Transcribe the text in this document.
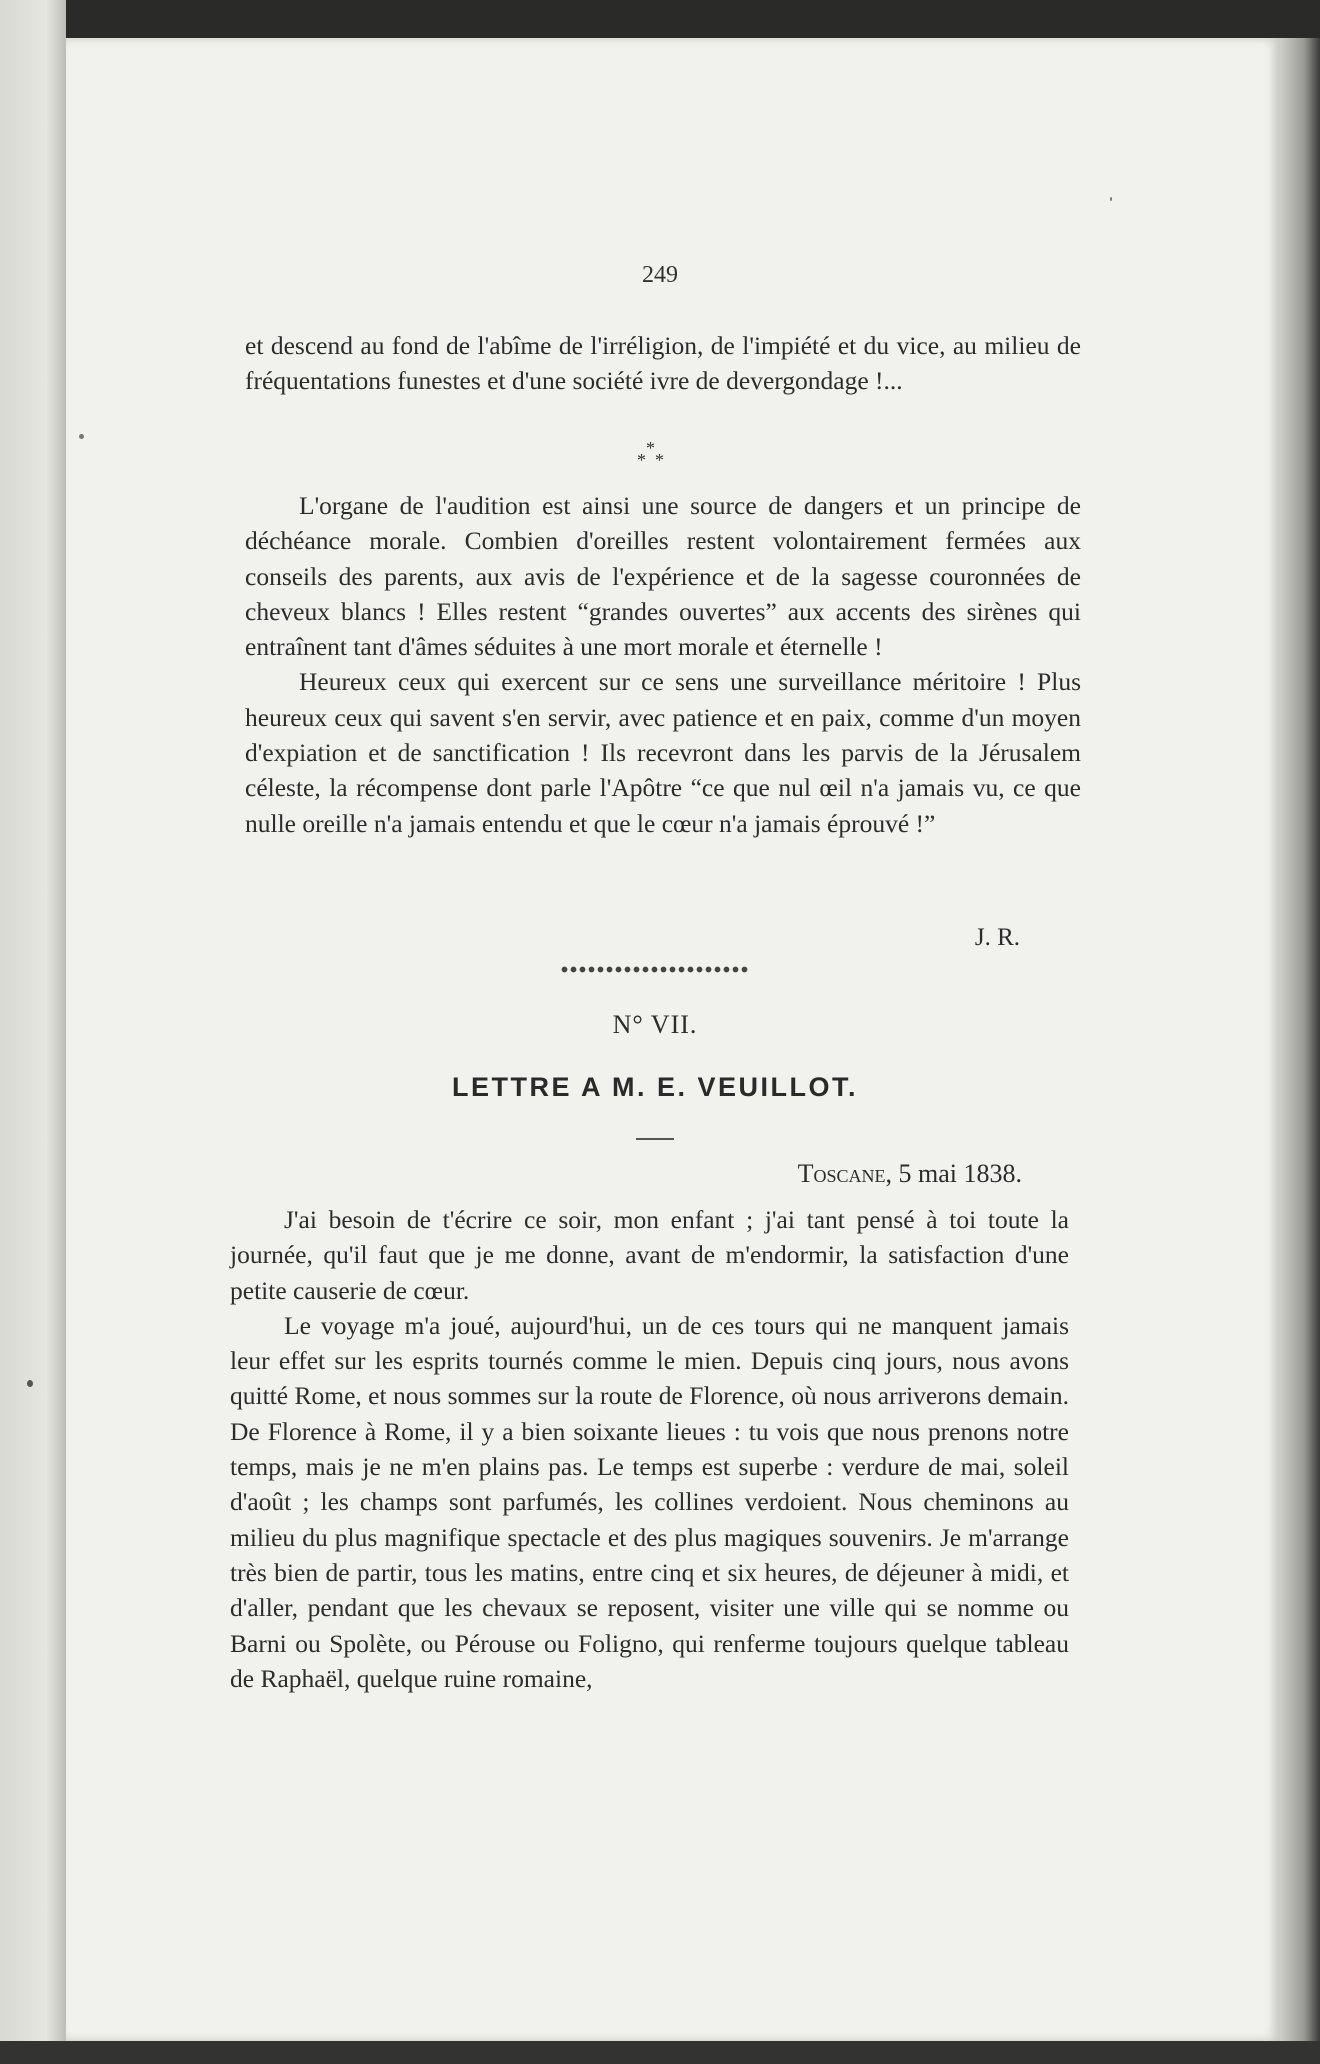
249

et descend au fond de l'abîme de l'irréligion, de l'impiété et du vice, au milieu de fréquentations funestes et d'une société ivre de devergondage !...

*
* *

L'organe de l'audition est ainsi une source de dangers et un principe de déchéance morale. Combien d'oreilles restent volontairement fermées aux conseils des parents, aux avis de l'expérience et de la sagesse couronnées de cheveux blancs ! Elles restent “grandes ouvertes” aux accents des sirènes qui entraînent tant d'âmes séduites à une mort morale et éternelle !

Heureux ceux qui exercent sur ce sens une surveillance méritoire ! Plus heureux ceux qui savent s'en servir, avec patience et en paix, comme d'un moyen d'expiation et de sanctification ! Ils recevront dans les parvis de la Jérusalem céleste, la récompense dont parle l'Apôtre “ce que nul œil n'a jamais vu, ce que nulle oreille n'a jamais entendu et que le cœur n'a jamais éprouvé !”

J. R.
N° VII.
LETTRE A M. E. VEUILLOT.
Toscane, 5 mai 1838.

J'ai besoin de t'écrire ce soir, mon enfant ; j'ai tant pensé à toi toute la journée, qu'il faut que je me donne, avant de m'endormir, la satisfaction d'une petite causerie de cœur.

Le voyage m'a joué, aujourd'hui, un de ces tours qui ne manquent jamais leur effet sur les esprits tournés comme le mien. Depuis cinq jours, nous avons quitté Rome, et nous sommes sur la route de Florence, où nous arriverons demain. De Florence à Rome, il y a bien soixante lieues : tu vois que nous prenons notre temps, mais je ne m'en plains pas. Le temps est superbe : verdure de mai, soleil d'août ; les champs sont parfumés, les collines verdoient. Nous cheminons au milieu du plus magnifique spectacle et des plus magiques souvenirs. Je m'arrange très bien de partir, tous les matins, entre cinq et six heures, de déjeuner à midi, et d'aller, pendant que les chevaux se reposent, visiter une ville qui se nomme ou Barni ou Spolète, ou Pérouse ou Foligno, qui renferme toujours quelque tableau de Raphaël, quelque ruine romaine,
